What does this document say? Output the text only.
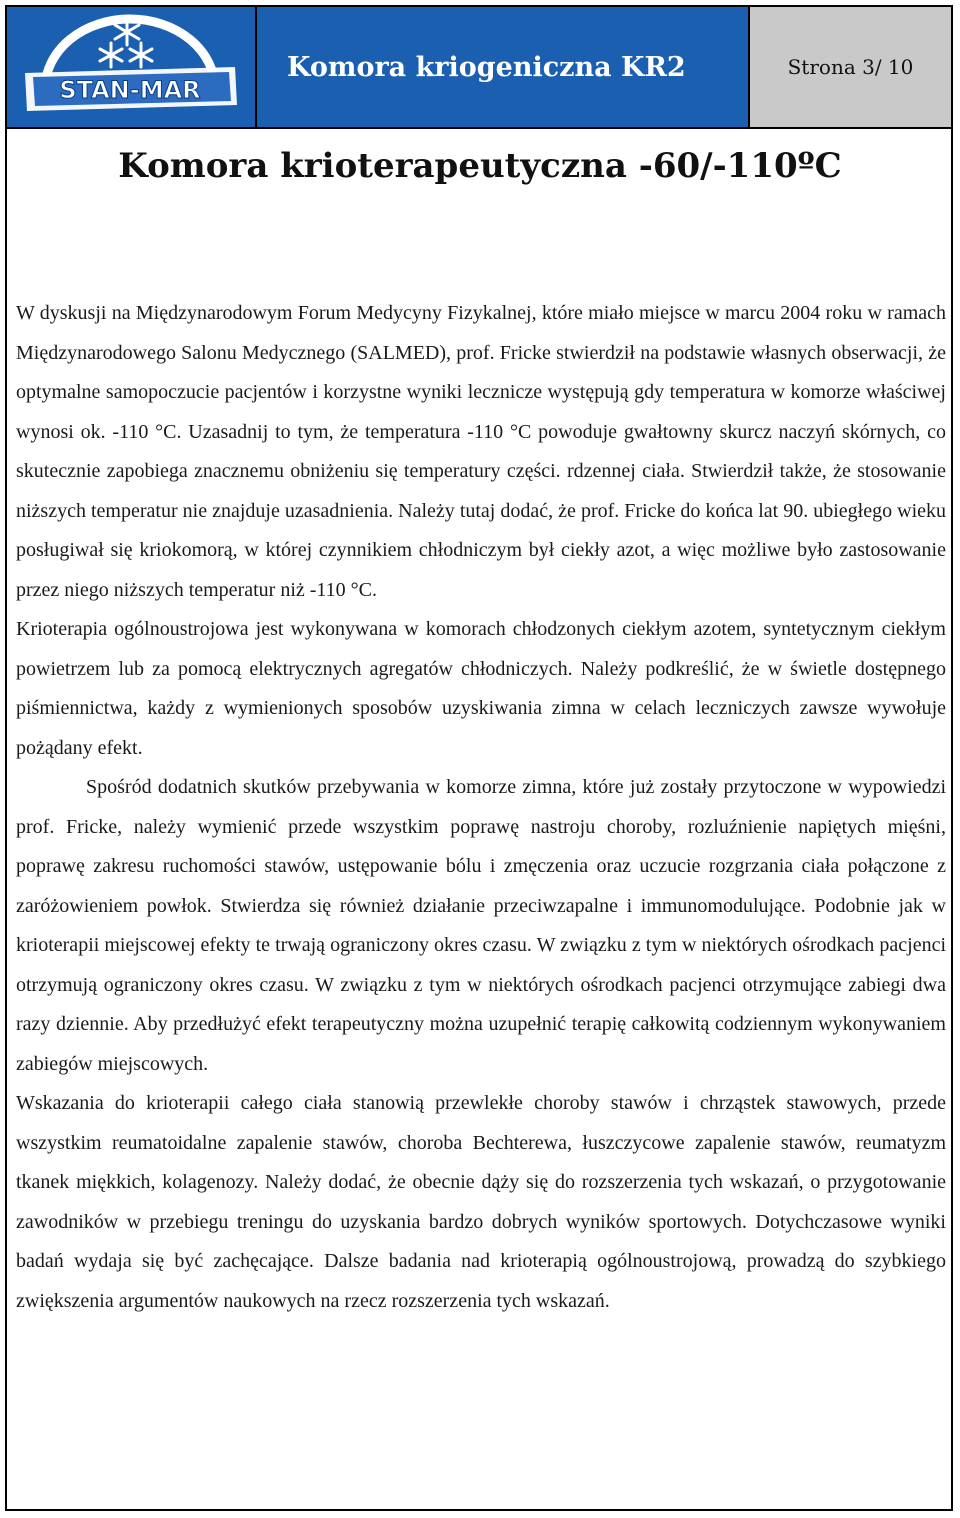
STAN-MAR
Komora kriogeniczna KR2	Strona 3/ 10
Komora krioterapeutyczna -60/-110ºC

W dyskusji na Międzynarodowym Forum Medycyny Fizykalnej, które miało miejsce w marcu 2004 roku w ramach Międzynarodowego Salonu Medycznego (SALMED), prof. Fricke stwierdził na podstawie własnych obserwacji, że optymalne samopoczucie pacjentów i korzystne wyniki lecznicze występują gdy temperatura w komorze właściwej wynosi ok. -110 °C. Uzasadnij to tym, że temperatura -110 °C powoduje gwałtowny skurcz naczyń skórnych, co skutecznie zapobiega znacznemu obniżeniu się temperatury części. rdzennej ciała. Stwierdził także, że stosowanie niższych temperatur nie znajduje uzasadnienia. Należy tutaj dodać, że prof. Fricke do końca lat 90. ubiegłego wieku posługiwał się kriokomorą, w której czynnikiem chłodniczym był ciekły azot, a więc możliwe było zastosowanie przez niego niższych temperatur niż -110 °C.

Krioterapia ogólnoustrojowa jest wykonywana w komorach chłodzonych ciekłym azotem, syntetycznym ciekłym powietrzem lub za pomocą elektrycznych agregatów chłodniczych. Należy podkreślić, że w świetle dostępnego piśmiennictwa, każdy z wymienionych sposobów uzyskiwania zimna w celach leczniczych zawsze wywołuje pożądany efekt.

Spośród dodatnich skutków przebywania w komorze zimna, które już zostały przytoczone w wypowiedzi prof. Fricke, należy wymienić przede wszystkim poprawę nastroju choroby, rozluźnienie napiętych mięśni, poprawę zakresu ruchomości stawów, ustępowanie bólu i zmęczenia oraz uczucie rozgrzania ciała połączone z zaróżowieniem powłok. Stwierdza się również działanie przeciwzapalne i immunomodulujące. Podobnie jak w krioterapii miejscowej efekty te trwają ograniczony okres czasu. W związku z tym w niektórych ośrodkach pacjenci otrzymują ograniczony okres czasu. W związku z tym w niektórych ośrodkach pacjenci otrzymujące zabiegi dwa razy dziennie. Aby przedłużyć efekt terapeutyczny można uzupełnić terapię całkowitą codziennym wykonywaniem zabiegów miejscowych.

Wskazania do krioterapii całego ciała stanowią przewlekłe choroby stawów i chrząstek stawowych, przede wszystkim reumatoidalne zapalenie stawów, choroba Bechterewa, łuszczycowe zapalenie stawów, reumatyzm tkanek miękkich, kolagenozy. Należy dodać, że obecnie dąży się do rozszerzenia tych wskazań, o przygotowanie zawodników w przebiegu treningu do uzyskania bardzo dobrych wyników sportowych. Dotychczasowe wyniki badań wydaja się być zachęcające. Dalsze badania nad krioterapią ogólnoustrojową, prowadzą do szybkiego zwiększenia argumentów naukowych na rzecz rozszerzenia tych wskazań.
